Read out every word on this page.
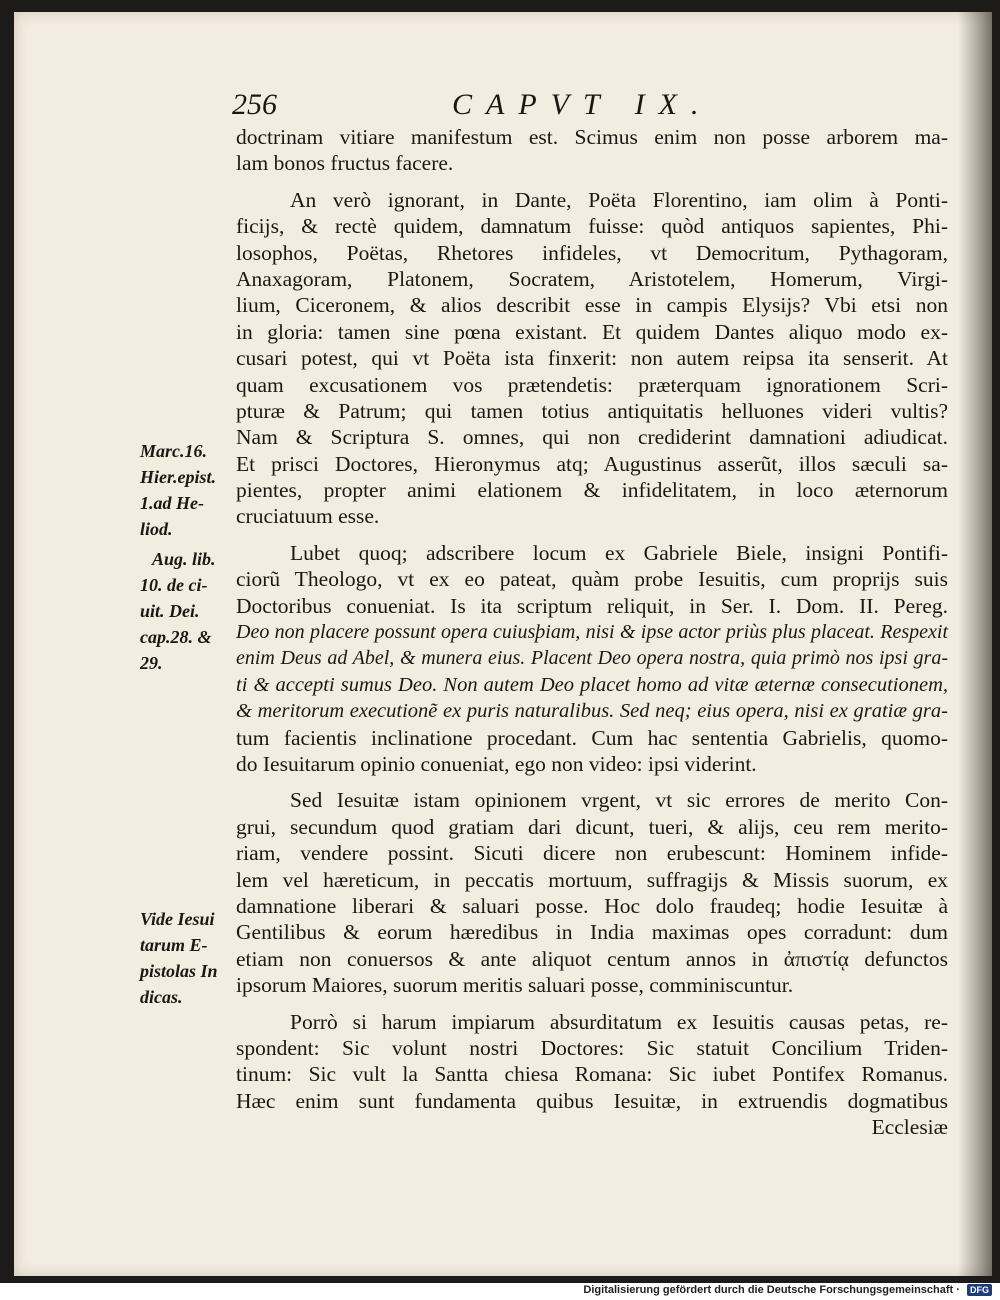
256	CAPVT IX.
doctrinam vitiare manifestum est. Scimus enim non posse arborem ma-
lam bonos fructus facere.
An verò ignorant, in Dante, Poëta Florentino, iam olim à Ponti-
ficijs, & rectè quidem, damnatum fuisse: quòd antiquos sapientes, Phi-
losophos, Poëtas, Rhetores infideles, vt Democritum, Pythagoram,
Anaxagoram, Platonem, Socratem, Aristotelem, Homerum, Virgi-
lium, Ciceronem, & alios describit esse in campis Elysijs? Vbi etsi non
in gloria: tamen sine pœna existant. Et quidem Dantes aliquo modo ex-
cusari potest, qui vt Poëta ista finxerit: non autem reipsa ita senserit. At
quam excusationem vos prætendetis: præterquam ignorationem Scri-
pturæ & Patrum; qui tamen totius antiquitatis helluones videri vultis?
Nam & Scriptura S. omnes, qui non crediderint damnationi adiudicat.
Et prisci Doctores, Hieronymus atq; Augustinus asserũt, illos sæculi sa-
pientes, propter animi elationem & infidelitatem, in loco æternorum
cruciatuum esse.
Lubet quoq; adscribere locum ex Gabriele Biele, insigni Pontifi-
ciorũ Theologo, vt ex eo pateat, quàm probe Iesuitis, cum proprijs suis
Doctoribus conueniat. Is ita scriptum reliquit, in Ser. I. Dom. II. Pereg.
Deo non placere possunt opera cuiusþiam, nisi & ipse actor priùs plus placeat. Respexit
enim Deus ad Abel, & munera eius. Placent Deo opera nostra, quia primò nos ipsi gra-
ti & accepti sumus Deo. Non autem Deo placet homo ad vitæ æternæ consecutionem,
& meritorum executionẽ ex puris naturalibus. Sed neq; eius opera, nisi ex gratiæ gra-
tum facientis inclinatione procedant. Cum hac sententia Gabrielis, quomo-
do Iesuitarum opinio conueniat, ego non video: ipsi viderint.
Sed Iesuitæ istam opinionem vrgent, vt sic errores de merito Con-
grui, secundum quod gratiam dari dicunt, tueri, & alijs, ceu rem merito-
riam, vendere possint. Sicuti dicere non erubescunt: Hominem infide-
lem vel hæreticum, in peccatis mortuum, suffragijs & Missis suorum, ex
damnatione liberari & saluari posse. Hoc dolo fraudeq; hodie Iesuitæ à
Gentilibus & eorum hæredibus in India maximas opes corradunt: dum
etiam non conuersos & ante aliquot centum annos in ἀπιστίᾳ defunctos
ipsorum Maiores, suorum meritis saluari posse, comminiscuntur.
Porrò si harum impiarum absurditatum ex Iesuitis causas petas, re-
spondent: Sic volunt nostri Doctores: Sic statuit Concilium Triden-
tinum: Sic vult la Santta chiesa Romana: Sic iubet Pontifex Romanus.
Hæc enim sunt fundamenta quibus Iesuitæ, in extruendis dogmatibus
Ecclesiæ
Marc.16.
Hier.epist.
1.ad He-
liod.
Aug. lib.
10. de ci-
uit. Dei.
cap.28. &
29.
Vide Iesui
tarum E-
pistolas In
dicas.
Digitalisierung gefördert durch die Deutsche Forschungsgemeinschaft · DFG
